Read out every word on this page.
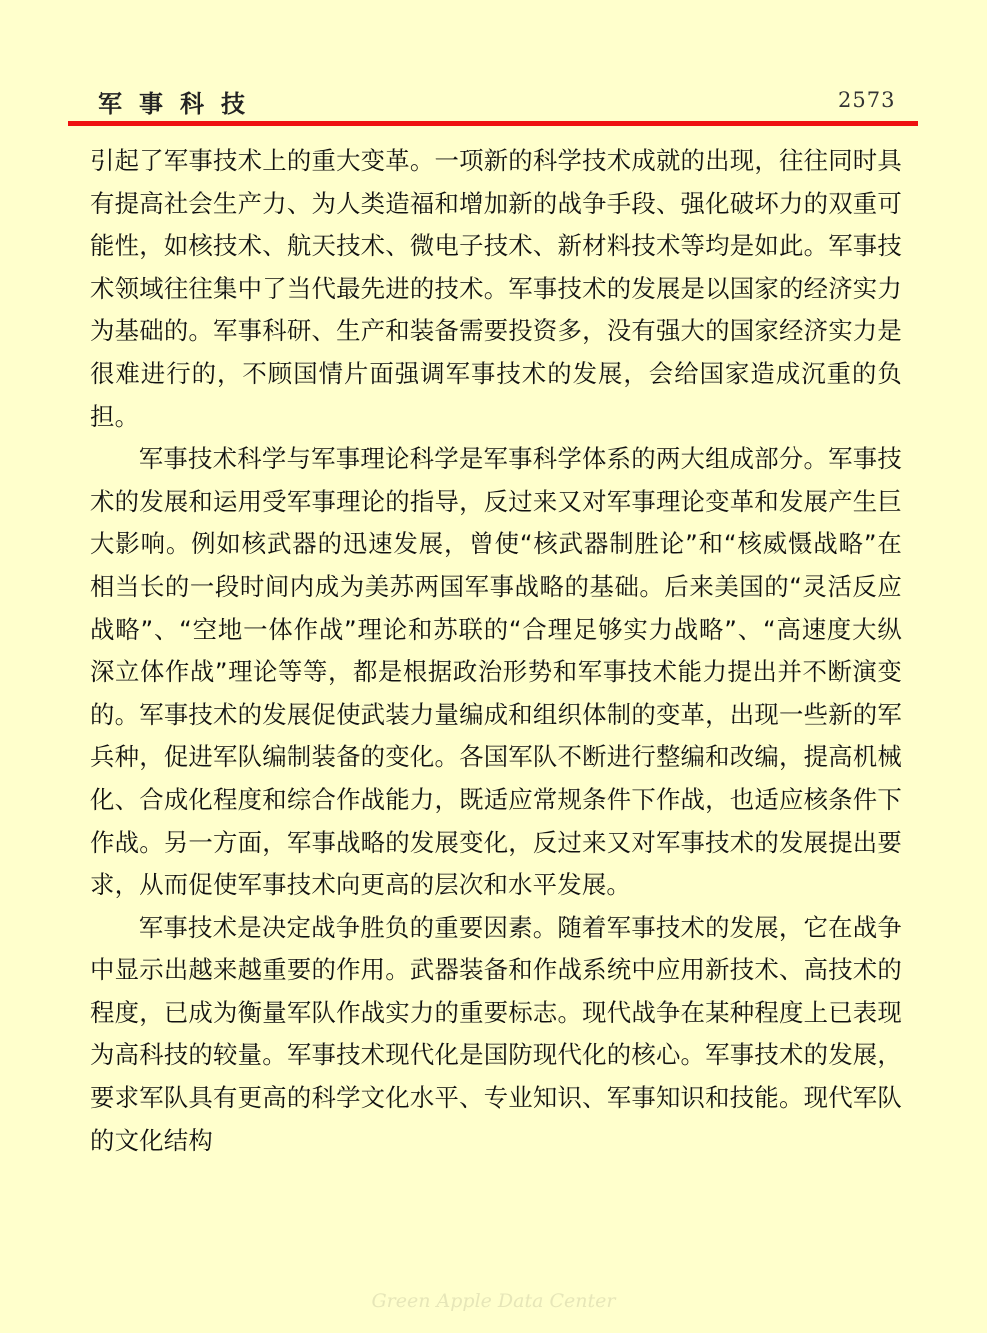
军事科技	2573

引起了军事技术上的重大变革。一项新的科学技术成就的出现，往往同时具有提高社会生产力、为人类造福和增加新的战争手段、强化破坏力的双重可能性，如核技术、航天技术、微电子技术、新材料技术等均是如此。军事技术领域往往集中了当代最先进的技术。军事技术的发展是以国家的经济实力为基础的。军事科研、生产和装备需要投资多，没有强大的国家经济实力是很难进行的，不顾国情片面强调军事技术的发展，会给国家造成沉重的负担。

军事技术科学与军事理论科学是军事科学体系的两大组成部分。军事技术的发展和运用受军事理论的指导，反过来又对军事理论变革和发展产生巨大影响。例如核武器的迅速发展，曾使“核武器制胜论”和“核威慑战略”在相当长的一段时间内成为美苏两国军事战略的基础。后来美国的“灵活反应战略”、“空地一体作战”理论和苏联的“合理足够实力战略”、“高速度大纵深立体作战”理论等等，都是根据政治形势和军事技术能力提出并不断演变的。军事技术的发展促使武装力量编成和组织体制的变革，出现一些新的军兵种，促进军队编制装备的变化。各国军队不断进行整编和改编，提高机械化、合成化程度和综合作战能力，既适应常规条件下作战，也适应核条件下作战。另一方面，军事战略的发展变化，反过来又对军事技术的发展提出要求，从而促使军事技术向更高的层次和水平发展。

军事技术是决定战争胜负的重要因素。随着军事技术的发展，它在战争中显示出越来越重要的作用。武器装备和作战系统中应用新技术、高技术的程度，已成为衡量军队作战实力的重要标志。现代战争在某种程度上已表现为高科技的较量。军事技术现代化是国防现代化的核心。军事技术的发展，要求军队具有更高的科学文化水平、专业知识、军事知识和技能。现代军队的文化结构

Green Apple Data Center
